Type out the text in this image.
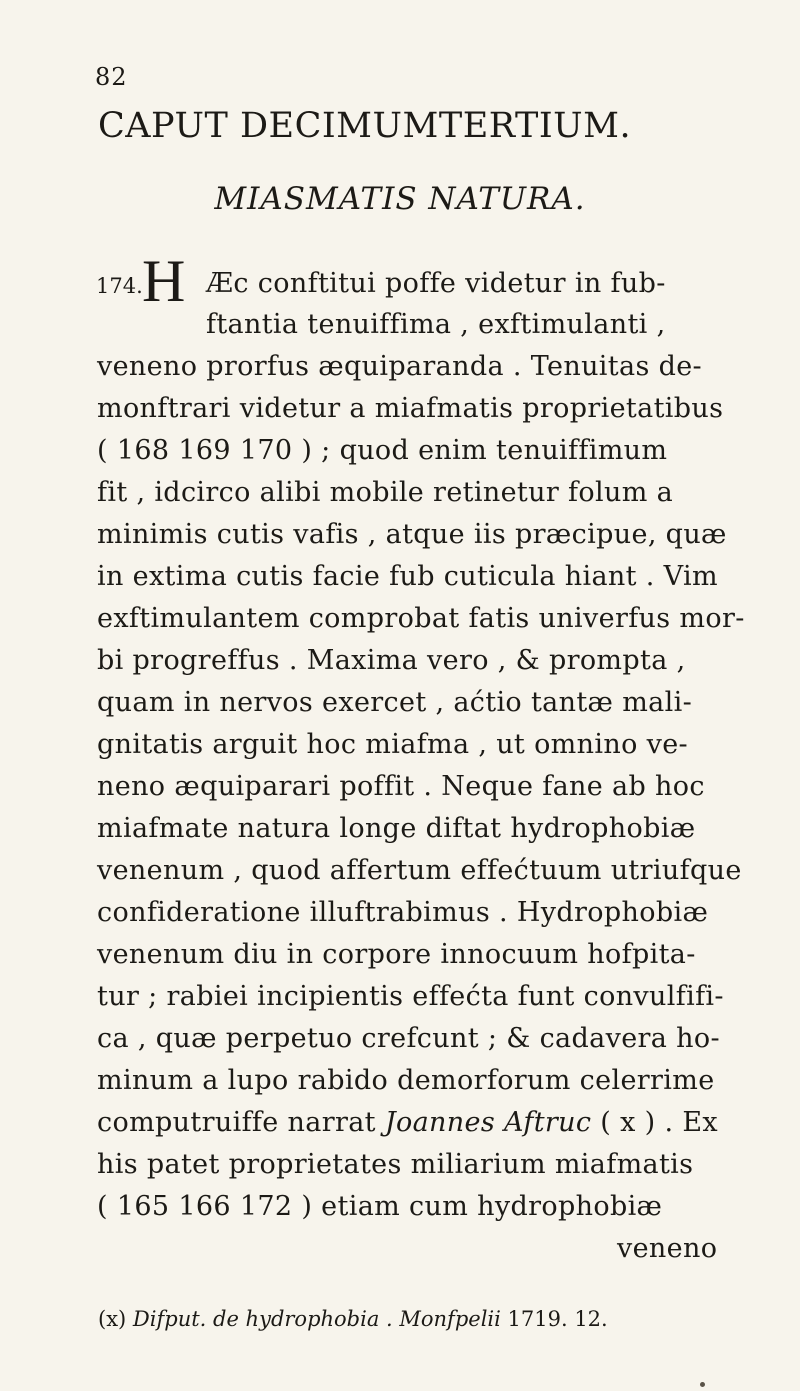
82
CAPUT DECIMUMTERTIUM.
MIASMATIS NATURA.
174. H Æc conftitui poffe videtur in fub-
ftantia tenuiffima , exftimulanti ,
veneno prorfus æquiparanda . Tenuitas de-
monftrari videtur a miafmatis proprietatibus
( 168 169 170 ) ; quod enim tenuiffimum
fit , idcirco alibi mobile retinetur folum a
minimis cutis vafis , atque iis præcipue, quæ
in extima cutis facie fub cuticula hiant . Vim
exftimulantem comprobat fatis univerfus mor-
bi progreffus . Maxima vero , & prompta ,
quam in nervos exercet , aćtio tantæ mali-
gnitatis arguit hoc miafma , ut omnino ve-
neno æquiparari poffit . Neque fane ab hoc
miafmate natura longe diftat hydrophobiæ
venenum , quod affertum effećtuum utriufque
confideratione illuftrabimus . Hydrophobiæ
venenum diu in corpore innocuum hofpita-
tur ; rabiei incipientis effećta funt convulfifi-
ca , quæ perpetuo crefcunt ; & cadavera ho-
minum a lupo rabido demorforum celerrime
computruiffe narrat Joannes Aftruc ( x ) . Ex
his patet proprietates miliarium miafmatis
( 165 166 172 ) etiam cum hydrophobiæ
veneno
(x) Difput. de hydrophobia . Monfpelii 1719. 12.
